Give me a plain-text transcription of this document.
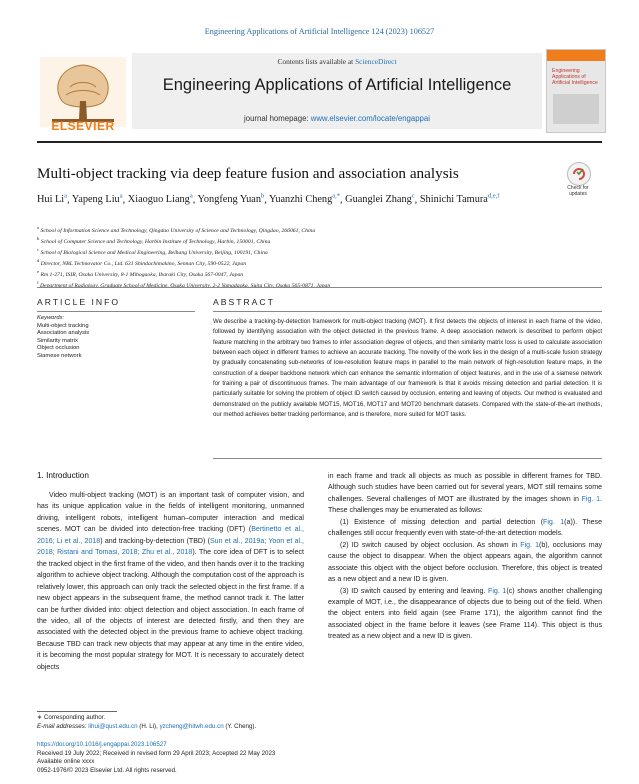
Engineering Applications of Artificial Intelligence 124 (2023) 106527
ELSEVIER
Contents lists available at ScienceDirect
Engineering Applications of Artificial Intelligence
journal homepage: www.elsevier.com/locate/engappai
Engineering Applications of Artificial Intelligence
Multi-object tracking via deep feature fusion and association analysis
Check for updates
Hui Li$^a$, Yapeng Liu$^a$, Xiaoguo Liang$^a$, Yongfeng Yuan$^b$, Yuanzhi Cheng$^{a,*}$, Guanglei Zhang$^c$, Shinichi Tamura$^{d,e,f}$
$^a$ School of Information Science and Technology, Qingdao University of Science and Technology, Qingdao, 266061, China
$^b$ School of Computer Science and Technology, Harbin Institute of Technology, Harbin, 150001, China
$^c$ School of Biological Science and Medical Engineering, Beihang University, Beijing, 100191, China
$^d$ Director, NBL Technovator Co., Ltd. 631 Shindachimakino, Sennan City, 590-0522, Japan
$^e$ Rm 1-271, ISIR, Osaka University, 8-1 Mihogaoka, Ibaraki City, Osaka 567-0047, Japan
$^f$
ARTICLE INFO	ABSTRACT
Keywords:
Multi-object tracking
Association analysis
Similarity matrix
Object occlusion
Siamese network
We describe a tracking-by-detection framework for multi-object tracking (MOT). It first detects the objects of interest in each frame of the video, followed by identifying association with the object detected in the previous frame. A deep association network is described to perform object feature matching in the arbitrary two frames to infer association degree of objects, and then similarity matrix loss is used to calculate association between each object in different frames to achieve an accurate tracking. The novelty of the work lies in the design of a multi-scale fusion strategy by gradually concatenating sub-networks of low-resolution feature maps in parallel to the main network of high-resolution feature maps, in the construction of a deeper backbone network which can enhance the semantic information of object features, and in the use of a siamese network for training a pair of discontinuous frames. The main advantage of our framework is that it avoids missing detection and partial detection. It is particularly suitable for solving the problem of object ID switch caused by occlusion, entering and leaving of objects. Our method is evaluated and demonstrated on the publicly available MOT15, MOT16, MOT17 and MOT20 benchmark datasets. Compared with the state-of-the-art methods, our method achieves better tracking performance, and is therefore, more suited for MOT tasks.
1. Introduction

Video multi-object tracking (MOT) is an important task of computer vision, and has its unique application value in the fields of intelligent monitoring, unmanned driving, intelligent robots, intelligent human–computer interaction and medical scenes. MOT can be divided into detection-free tracking (DFT) (Bertinetto et al., 2016; Li et al., 2018) and tracking-by-detection (TBD) (Sun et al., 2019a; Yoon et al., 2018; Ristani and Tomasi, 2018; Zhu et al., 2018). The core idea of DFT is to select the tracked object in the first frame of the video, and then hands over it to the tracking algorithm to achieve object tracking. Although the computation cost of the approach is relatively lower, this approach can only track the selected object in the first frame. If a new object appears in the subsequent frame, the method cannot track it. The latter can be further divided into: object detection and object association. In each frame of the video, all of the objects of interest are detected firstly, and then they are associated with the detected object in the previous frame to achieve object tracking. Because TBD can track new objects that may appear at any time in the entire video, it is becoming the most popular strategy for MOT. It is necessary to accurately detect objects

in each frame and track all objects as much as possible in different frames for TBD. Although such studies have been carried out for several years, MOT still remains some challenges. Several challenges of MOT are illustrated by the images shown in Fig. 1. These challenges may be enumerated as follows:

(1) Existence of missing detection and partial detection (Fig. 1(a)). These challenges still occur frequently even with state-of-the-art detection models.

(2) ID switch caused by object occlusion. As shown in Fig. 1(b), occlusions may cause the object to disappear. When the object appears again, the algorithm cannot associate this object with the object before occlusion. Therefore, this object is treated as a new object and a new ID is given.

(3) ID switch caused by entering and leaving. Fig. 1(c) shows another challenging example of MOT, i.e., the disappearance of objects due to being out of the field. When the object enters into field again (see Frame 171), the algorithm cannot find the associated object in the frame before it leaves (see Frame 114). This object is thus treated as a new object and a new ID is given.

∗ Corresponding author.
E-mail addresses: lihui@qust.edu.cn (H. Li), yzcheng@hitwh.edu.cn (Y. Cheng).
https://doi.org/10.1016/j.engappai.2023.106527
Received 19 July 2022; Received in revised form 29 April 2023; Accepted 22 May 2023
Available online xxxx
0952-1976/© 2023 Elsevier Ltd. All rights reserved.
